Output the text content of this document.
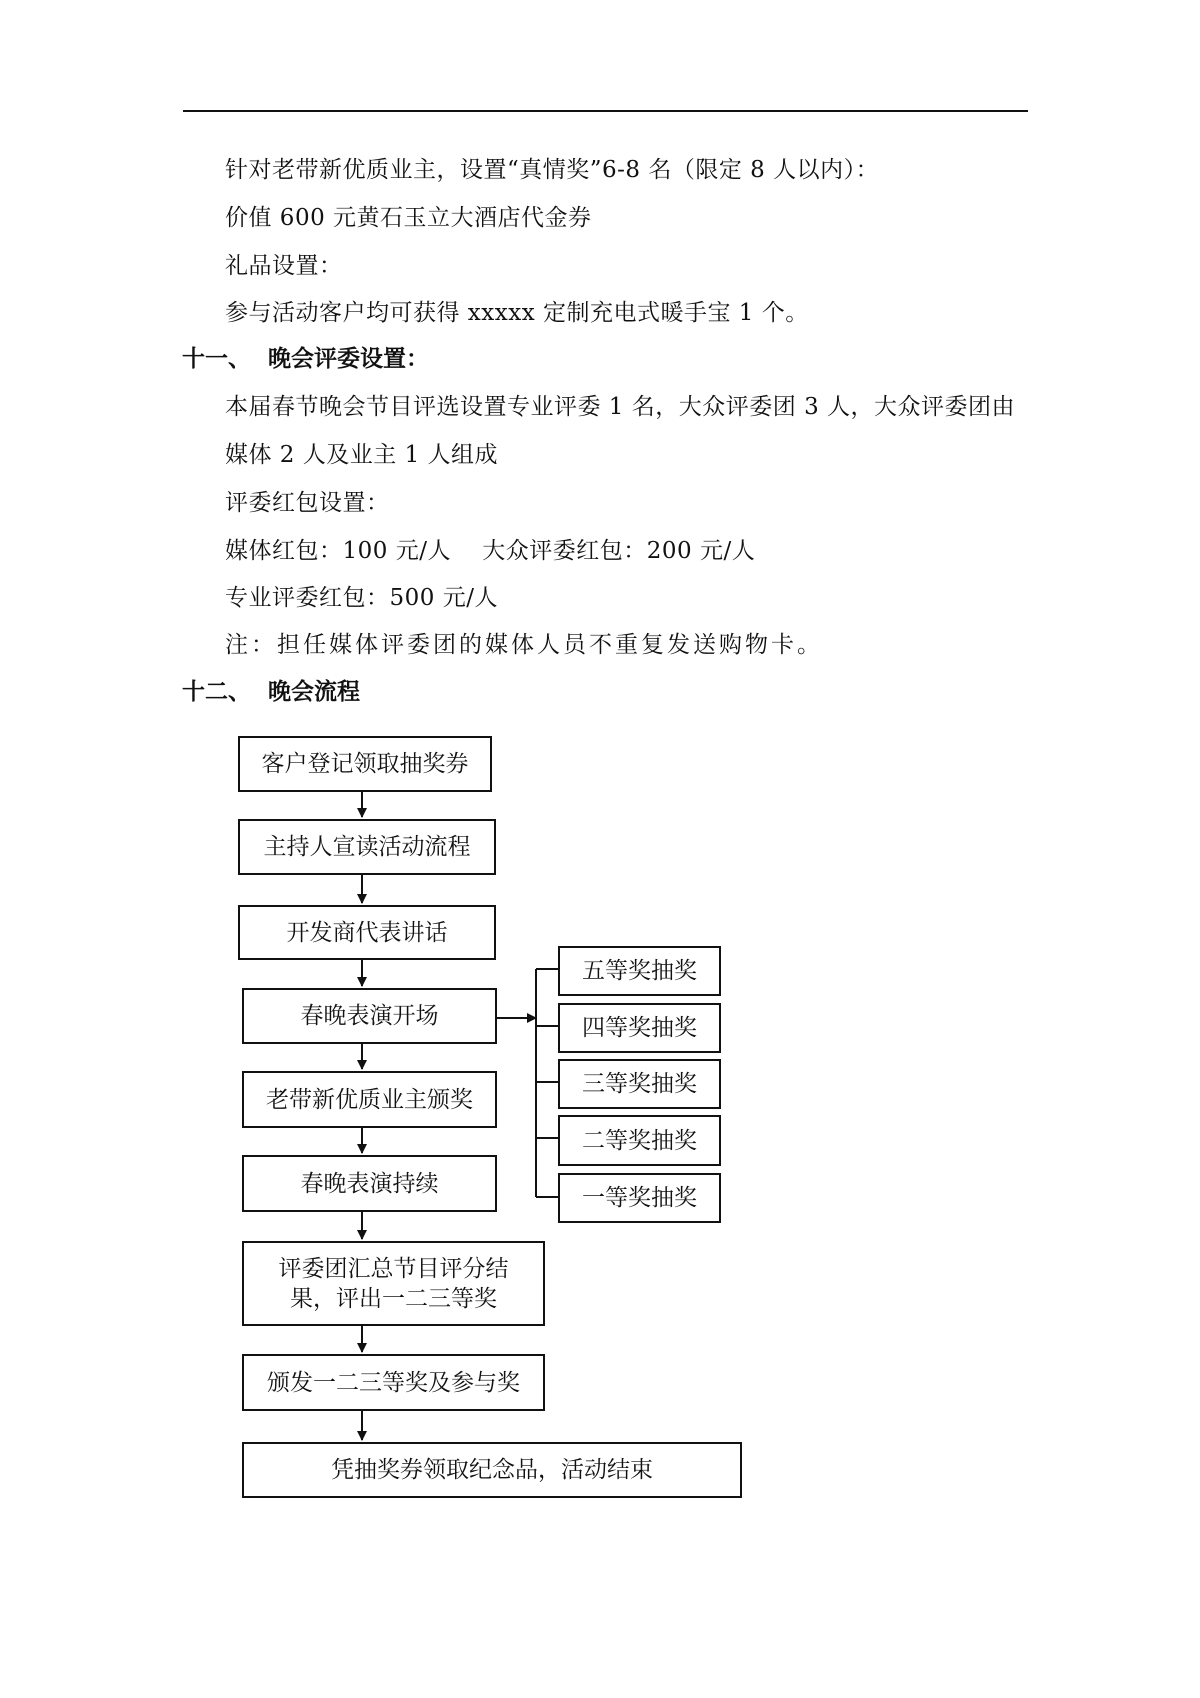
针对老带新优质业主，设置“真情奖”6-8 名（限定 8 人以内）：
价值 600 元黄石玉立大酒店代金券
礼品设置：
参与活动客户均可获得 xxxxx 定制充电式暖手宝 1 个。
十一、 晚会评委设置：
本届春节晚会节目评选设置专业评委 1 名，大众评委团 3 人，大众评委团由
媒体 2 人及业主 1 人组成
评委红包设置：
媒体红包：100 元/人　 大众评委红包：200 元/人
专业评委红包：500 元/人
注：担任媒体评委团的媒体人员不重复发送购物卡。
十二、 晚会流程
客户登记领取抽奖券
主持人宣读活动流程
开发商代表讲话
春晚表演开场
老带新优质业主颁奖
春晚表演持续
评委团汇总节目评分结果，评出一二三等奖
颁发一二三等奖及参与奖
凭抽奖券领取纪念品，活动结束
五等奖抽奖
四等奖抽奖
三等奖抽奖
二等奖抽奖
一等奖抽奖
